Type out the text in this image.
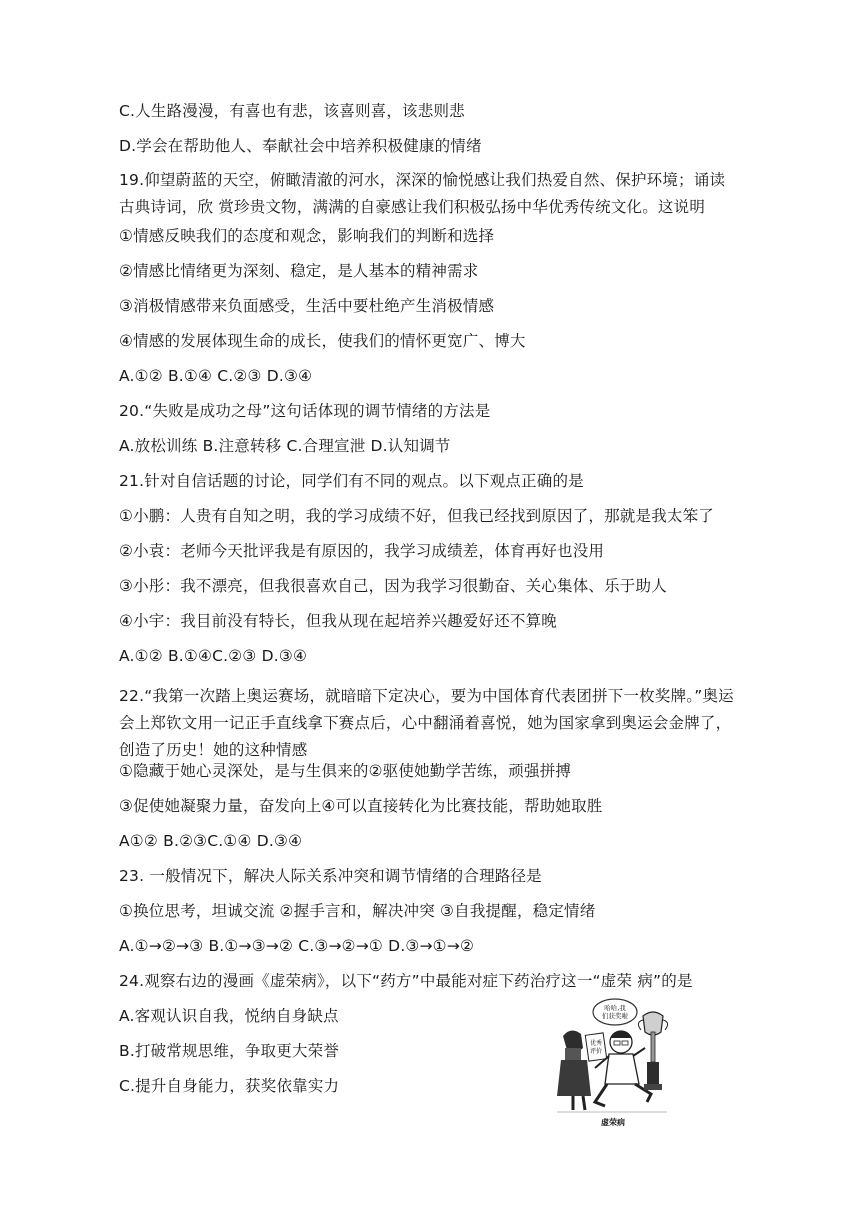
C.人生路漫漫，有喜也有悲，该喜则喜，该悲则悲
D.学会在帮助他人、奉献社会中培养积极健康的情绪
19.仰望蔚蓝的天空，俯瞰清澈的河水，深深的愉悦感让我们热爱自然、保护环境；诵读古典诗词，欣 赏珍贵文物，满满的自豪感让我们积极弘扬中华优秀传统文化。这说明
①情感反映我们的态度和观念，影响我们的判断和选择
②情感比情绪更为深刻、稳定，是人基本的精神需求
③消极情感带来负面感受，生活中要杜绝产生消极情感
④情感的发展体现生命的成长，使我们的情怀更宽广、博大
A.①② B.①④ C.②③ D.③④
20.“失败是成功之母”这句话体现的调节情绪的方法是
A.放松训练 B.注意转移 C.合理宣泄 D.认知调节
21.针对自信话题的讨论，同学们有不同的观点。以下观点正确的是
①小鹏：人贵有自知之明，我的学习成绩不好，但我已经找到原因了，那就是我太笨了
②小袁：老师今天批评我是有原因的，我学习成绩差，体育再好也没用
③小彤：我不漂亮，但我很喜欢自己，因为我学习很勤奋、关心集体、乐于助人
④小宇：我目前没有特长，但我从现在起培养兴趣爱好还不算晚
A.①② B.①④C.②③ D.③④
22.“我第一次踏上奥运赛场，就暗暗下定决心，要为中国体育代表团拼下一枚奖牌。”奥运会上郑钦文用一记正手直线拿下赛点后，心中翻涌着喜悦，她为国家拿到奥运会金牌了，创造了历史！她的这种情感
①隐藏于她心灵深处，是与生俱来的②驱使她勤学苦练，顽强拼搏
③促使她凝聚力量，奋发向上④可以直接转化为比赛技能，帮助她取胜
A①② B.②③C.①④ D.③④
23. 一般情况下，解决人际关系冲突和调节情绪的合理路径是
①换位思考，坦诚交流 ②握手言和，解决冲突 ③自我提醒，稳定情绪
A.①→②→③ B.①→③→② C.③→②→① D.③→①→②
24.观察右边的漫画《虚荣病》，以下“药方”中最能对症下药治疗这一“虚荣 病”的是
A.客观认识自我，悦纳自身缺点
B.打破常规思维，争取更大荣誉
C.提升自身能力，获奖依靠实力
哈哈,我
们获奖啦
优秀
评价
虚荣病
